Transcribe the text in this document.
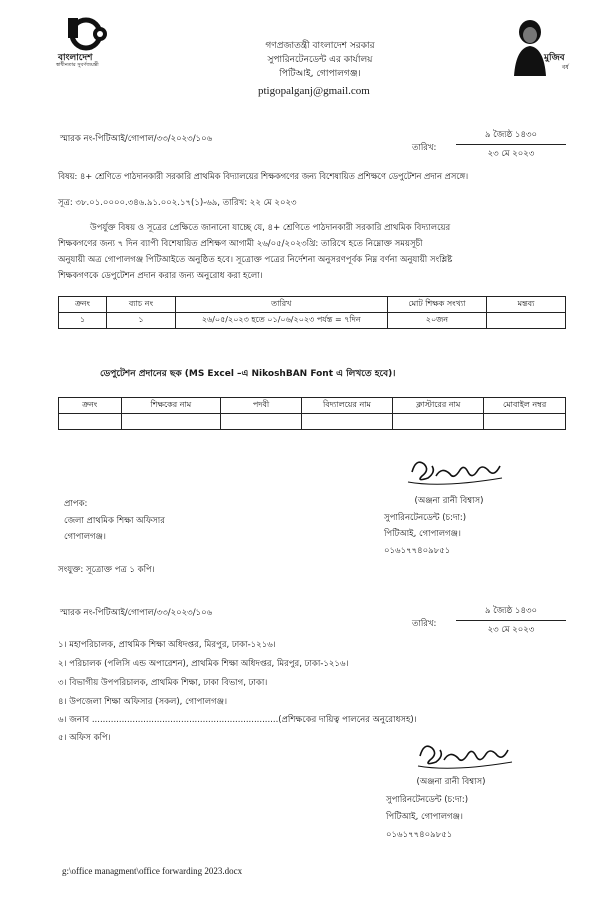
বাংলাদেশ
স্বাধীনতার সুবর্ণজয়ন্তী
মুজিব
বর্ষ
গণপ্রজাতন্ত্রী বাংলাদেশ সরকার
সুপারিনটেনডেন্ট এর কার্যালয়
পিটিআই, গোপালগঞ্জ।
ptigopalganj@gmail.com
স্মারক নং-পিটিআই/গোপাল/৩৩/২০২৩/১০৬
তারিখ:
৯ জ্যৈষ্ঠ ১৪৩০
২৩ মে ২০২৩
বিষয়: ৪+ শ্রেণিতে পাঠদানকারী সরকারি প্রাথমিক বিদ্যালয়ের শিক্ষকগণের জন্য বিশেষায়িত প্রশিক্ষণে ডেপুটেশন প্রদান প্রসঙ্গে।
সূত্র: ৩৮.০১.০০০০.৩৪৬.৯১.০০২.১৭(১)-৬৯, তারিখ: ২২ মে ২০২৩
উপর্যুক্ত বিষয় ও সূত্রের প্রেক্ষিতে জানানো যাচ্ছে যে, ৪+ শ্রেণিতে পাঠদানকারী সরকারি প্রাথমিক বিদ্যালয়ের
শিক্ষকগণের জন্য ৭ দিন ব্যাপী বিশেষায়িত প্রশিক্ষণ আগামী ২৬/০৫/২০২৩খ্রি: তারিখে হতে নিম্নোক্ত সময়সূচী
অনুযায়ী অত্র গোপালগঞ্জ পিটিআইতে অনুষ্ঠিত হবে। সূত্রোক্ত পত্রের নির্দেশনা অনুসরণপূর্বক নিম্ন বর্ণনা অনুযায়ী সংশ্লিষ্ট
শিক্ষকগণকে ডেপুটেশন প্রদান করার জন্য অনুরোধ করা হলো।
ক্রনং	ব্যাচ নং	তারিখ	মোট শিক্ষক সংখ্যা	মন্তব্য
১	১	২৬/০৫/২০২৩ হতে ০১/০৬/২০২৩ পর্যন্ত = ৭দিন	২০জন	
ডেপুটেশন প্রদানের ছক (MS Excel –এ NikoshBAN Font এ লিখতে হবে)।
ক্রনং	শিক্ষকের নাম	পদবী	বিদ্যালয়ের নাম	ক্লাস্টারের নাম	মোবাইল নম্বর

(অঞ্জনা রানী বিশ্বাস)
সুপারিনটেনডেন্ট (চ:দা:)
পিটিআই, গোপালগঞ্জ।
০১৬১৭৭৪০৯৮৫১
প্রাপক:
জেলা প্রাথমিক শিক্ষা অফিসার
গোপালগঞ্জ।
সংযুক্ত: সূত্রোক্ত পত্র ১ কপি।
স্মারক নং-পিটিআই/গোপাল/৩৩/২০২৩/১০৬
তারিখ:
৯ জ্যৈষ্ঠ ১৪৩০
২৩ মে ২০২৩
১। মহাপরিচালক, প্রাথমিক শিক্ষা অধিদপ্তর, মিরপুর, ঢাকা-১২১৬।
২। পরিচালক (পলিসি এন্ড অপারেশন), প্রাথমিক শিক্ষা অধিদপ্তর, মিরপুর, ঢাকা-১২১৬।
৩। বিভাগীয় উপপরিচালক, প্রাথমিক শিক্ষা, ঢাকা বিভাগ, ঢাকা।
৪। উপজেলা শিক্ষা অফিসার (সকল), গোপালগঞ্জ।
৬। জনাব .....................................................................(প্রশিক্ষকের দায়িত্ব পালনের অনুরোধসহ)।
৫। অফিস কপি।
(অঞ্জনা রানী বিশ্বাস)
সুপারিনটেনডেন্ট (চ:দা:)
পিটিআই, গোপালগঞ্জ।
০১৬১৭৭৪০৯৮৫১
g:\office managment\office forwarding 2023.docx
